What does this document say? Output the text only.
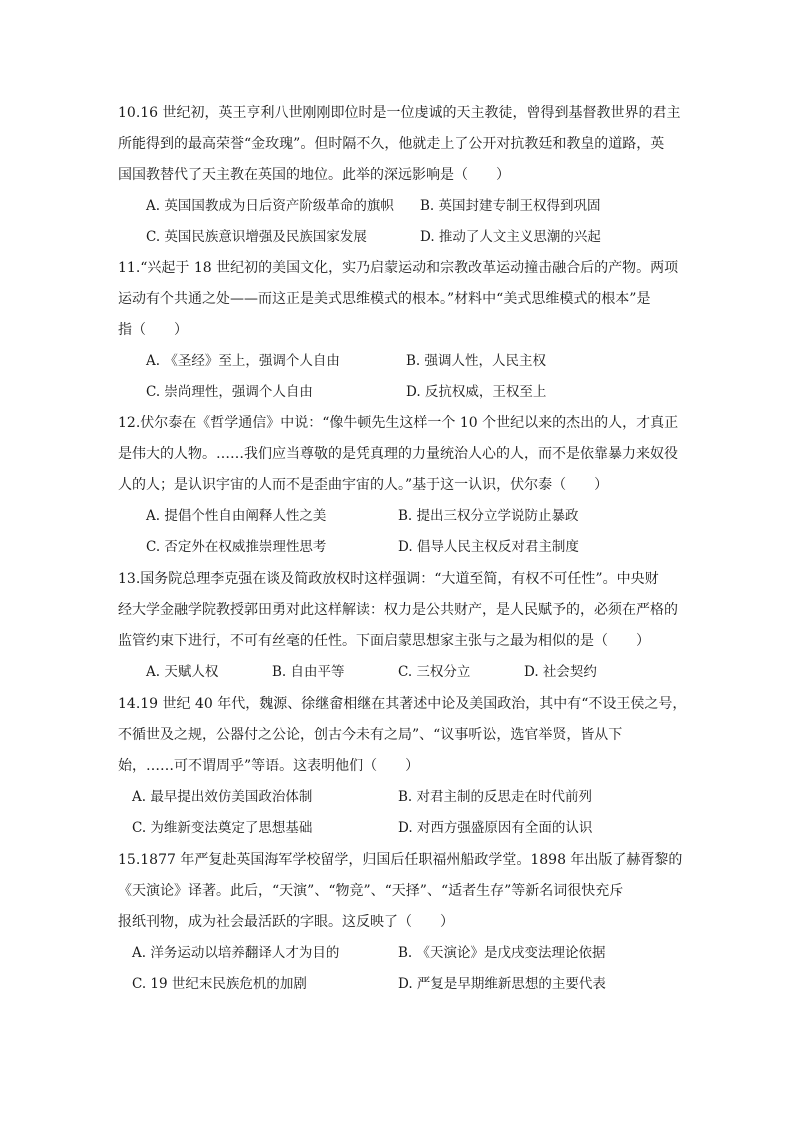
10.16 世纪初，英王亨利八世刚刚即位时是一位虔诚的天主教徒，曾得到基督教世界的君主
所能得到的最高荣誉“金玫瑰”。但时隔不久，他就走上了公开对抗教廷和教皇的道路，英
国国教替代了天主教在英国的地位。此举的深远影响是（　　）
A. 英国国教成为日后资产阶级革命的旗帜 B. 英国封建专制王权得到巩固
C. 英国民族意识增强及民族国家发展	D. 推动了人文主义思潮的兴起
11.“兴起于 18 世纪初的美国文化，实乃启蒙运动和宗教改革运动撞击融合后的产物。两项
运动有个共通之处——而这正是美式思维模式的根本。”材料中“美式思维模式的根本”是
指（　　）
A. 《圣经》至上，强调个人自由	B. 强调人性，人民主权
C. 崇尚理性，强调个人自由	D. 反抗权威，王权至上
12.伏尔泰在《哲学通信》中说：“像牛顿先生这样一个 10 个世纪以来的杰出的人，才真正
是伟大的人物。……我们应当尊敬的是凭真理的力量统治人心的人，而不是依靠暴力来奴役
人的人；是认识宇宙的人而不是歪曲宇宙的人。”基于这一认识，伏尔泰（　　）
A. 提倡个性自由阐释人性之美	B. 提出三权分立学说防止暴政
C. 否定外在权威推崇理性思考	D. 倡导人民主权反对君主制度
13.国务院总理李克强在谈及简政放权时这样强调：“大道至简，有权不可任性”。中央财
经大学金融学院教授郭田勇对此这样解读：权力是公共财产，是人民赋予的，必须在严格的
监管约束下进行，不可有丝毫的任性。下面启蒙思想家主张与之最为相似的是（　　）
A. 天赋人权	B. 自由平等	C. 三权分立	D. 社会契约
14.19 世纪 40 年代，魏源、徐继畲相继在其著述中论及美国政治，其中有“不设王侯之号，
不循世及之规，公器付之公论，创古今未有之局”、“议事听讼，选官举贤，皆从下
始，……可不谓周乎”等语。这表明他们（　　）
A. 最早提出效仿美国政治体制	B. 对君主制的反思走在时代前列
C. 为维新变法奠定了思想基础	D. 对西方强盛原因有全面的认识
15.1877 年严复赴英国海军学校留学，归国后任职福州船政学堂。1898 年出版了赫胥黎的
《天演论》译著。此后，“天演”、“物竞”、“天择”、“适者生存”等新名词很快充斥
报纸刊物，成为社会最活跃的字眼。这反映了（　　）
A. 洋务运动以培养翻译人才为目的	B. 《天演论》是戊戌变法理论依据
C. 19 世纪末民族危机的加剧	D. 严复是早期维新思想的主要代表
